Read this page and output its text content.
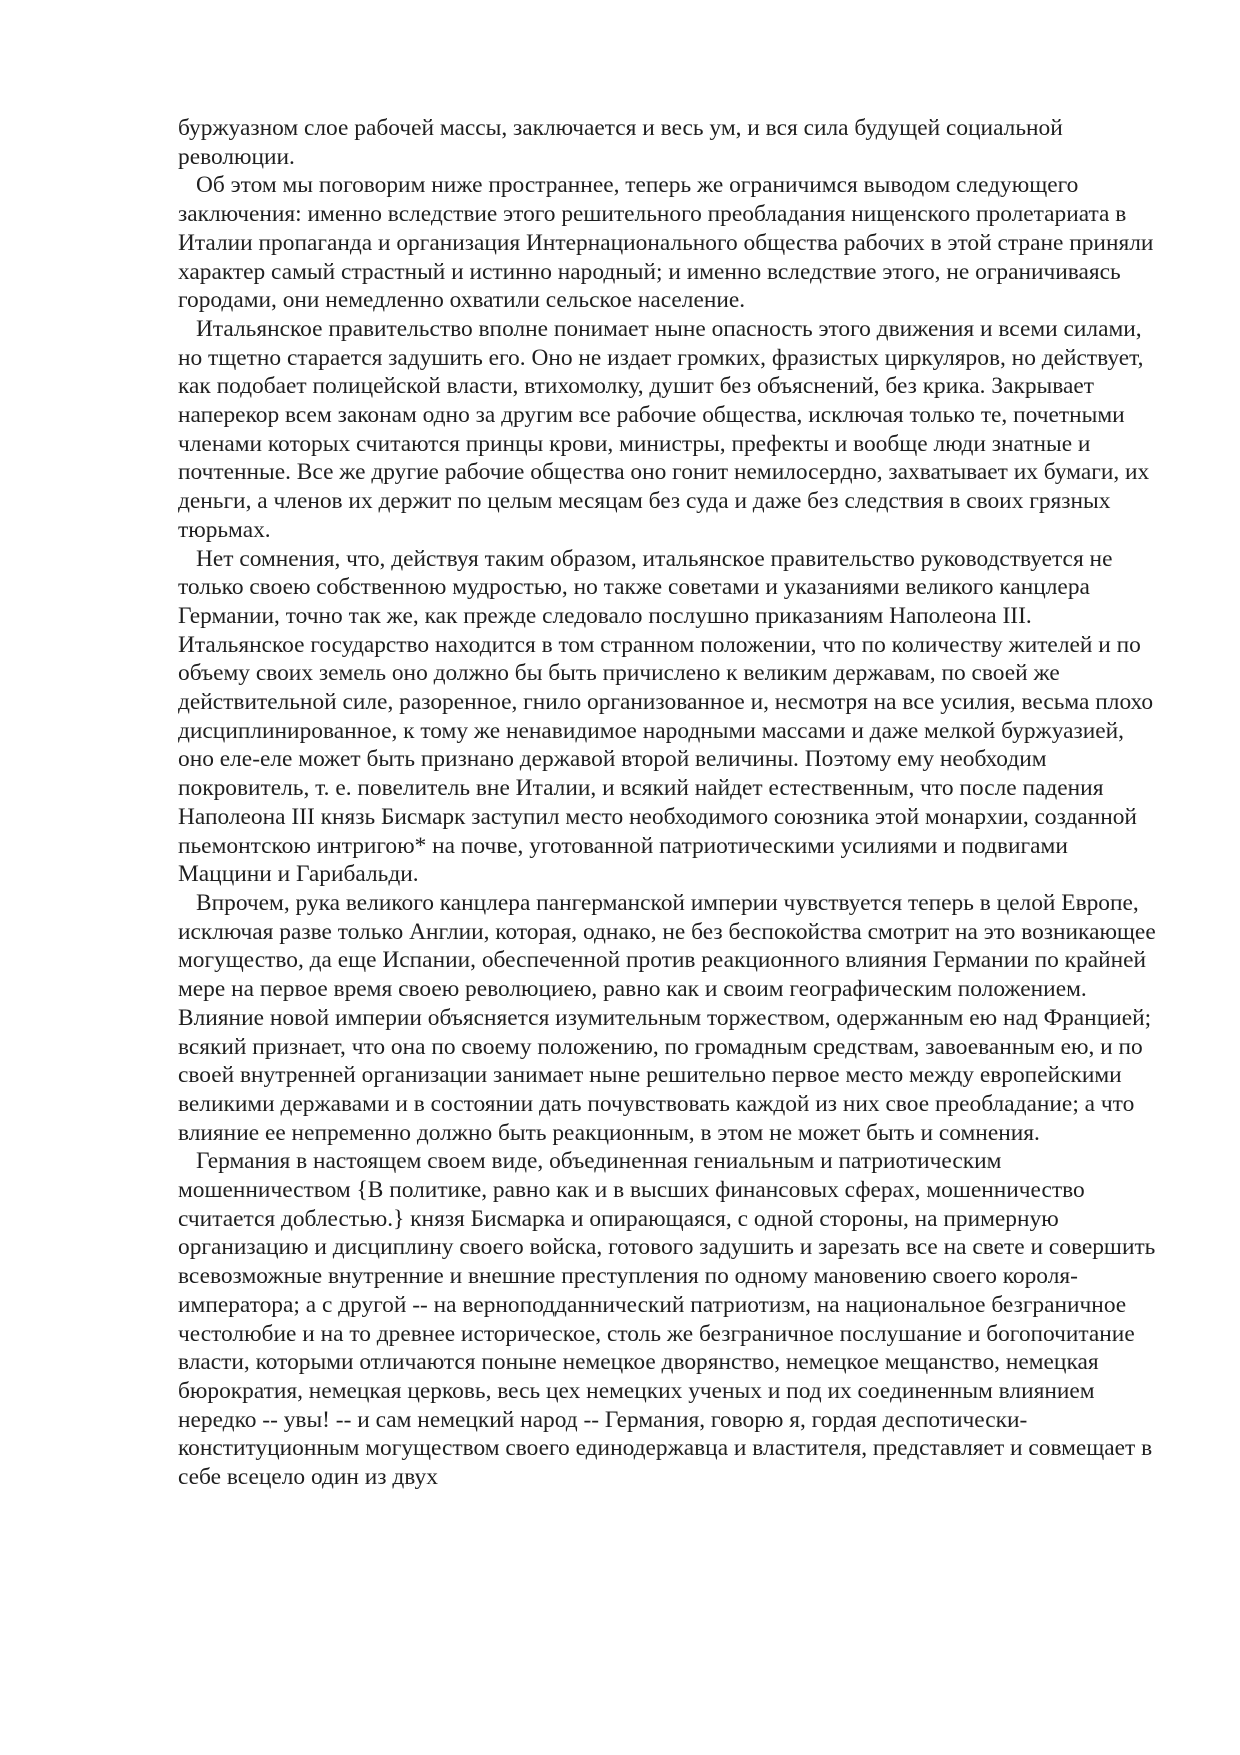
буржуазном слое рабочей массы, заключается и весь ум, и вся сила будущей социальной революции.

Об этом мы поговорим ниже пространнее, теперь же ограничимся выводом следующего заключения: именно вследствие этого решительного преобладания нищенского пролетариата в Италии пропаганда и организация Интернационального общества рабочих в этой стране приняли характер самый страстный и истинно народный; и именно вследствие этого, не ограничиваясь городами, они немедленно охватили сельское население.

Итальянское правительство вполне понимает ныне опасность этого движения и всеми силами, но тщетно старается задушить его. Оно не издает громких, фразистых циркуляров, но действует, как подобает полицейской власти, втихомолку, душит без объяснений, без крика. Закрывает наперекор всем законам одно за другим все рабочие общества, исключая только те, почетными членами которых считаются принцы крови, министры, префекты и вообще люди знатные и почтенные. Все же другие рабочие общества оно гонит немилосердно, захватывает их бумаги, их деньги, а членов их держит по целым месяцам без суда и даже без следствия в своих грязных тюрьмах.

Нет сомнения, что, действуя таким образом, итальянское правительство руководствуется не только своею собственною мудростью, но также советами и указаниями великого канцлера Германии, точно так же, как прежде следовало послушно приказаниям Наполеона III. Итальянское государство находится в том странном положении, что по количеству жителей и по объему своих земель оно должно бы быть причислено к великим державам, по своей же действительной силе, разоренное, гнило организованное и, несмотря на все усилия, весьма плохо дисциплинированное, к тому же ненавидимое народными массами и даже мелкой буржуазией, оно еле-еле может быть признано державой второй величины. Поэтому ему необходим покровитель, т. е. повелитель вне Италии, и всякий найдет естественным, что после падения Наполеона III князь Бисмарк заступил место необходимого союзника этой монархии, созданной пьемонтскою интригою* на почве, уготованной патриотическими усилиями и подвигами Маццини и Гарибальди.

Впрочем, рука великого канцлера пангерманской империи чувствуется теперь в целой Европе, исключая разве только Англии, которая, однако, не без беспокойства смотрит на это возникающее могущество, да еще Испании, обеспеченной против реакционного влияния Германии по крайней мере на первое время своею революциею, равно как и своим географическим положением. Влияние новой империи объясняется изумительным торжеством, одержанным ею над Францией; всякий признает, что она по своему положению, по громадным средствам, завоеванным ею, и по своей внутренней организации занимает ныне решительно первое место между европейскими великими державами и в состоянии дать почувствовать каждой из них свое преобладание; а что влияние ее непременно должно быть реакционным, в этом не может быть и сомнения.

Германия в настоящем своем виде, объединенная гениальным и патриотическим мошенничеством {В политике, равно как и в высших финансовых сферах, мошенничество считается доблестью.} князя Бисмарка и опирающаяся, с одной стороны, на примерную организацию и дисциплину своего войска, готового задушить и зарезать все на свете и совершить всевозможные внутренние и внешние преступления по одному мановению своего короля-императора; а с другой -- на верноподданнический патриотизм, на национальное безграничное честолюбие и на то древнее историческое, столь же безграничное послушание и богопочитание власти, которыми отличаются поныне немецкое дворянство, немецкое мещанство, немецкая бюрократия, немецкая церковь, весь цех немецких ученых и под их соединенным влиянием нередко -- увы! -- и сам немецкий народ -- Германия, говорю я, гордая деспотически-конституционным могуществом своего единодержавца и властителя, представляет и совмещает в себе всецело один из двух
